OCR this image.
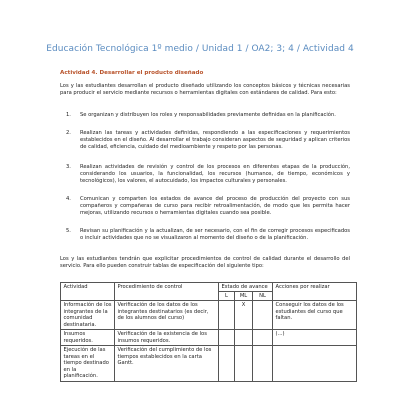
Educación Tecnológica 1º medio / Unidad 1 / OA2; 3; 4 / Actividad 4
Actividad 4. Desarrollar el producto diseñado
Los y las estudiantes desarrollan el producto diseñado utilizando los conceptos básicos y técnicas necesarias para producir el servicio mediante recursos o herramientas digitales con estándares de calidad. Para esto:
1. Se organizan y distribuyen los roles y responsabilidades previamente definidas en la planificación.
2. Realizan las tareas y actividades definidas, respondiendo a las especificaciones y requerimientos establecidos en el diseño. Al desarrollar el trabajo consideran aspectos de seguridad y aplican criterios de calidad, eficiencia, cuidado del medioambiente y respeto por las personas.
3. Realizan actividades de revisión y control de los procesos en diferentes etapas de la producción, considerando los usuarios, la funcionalidad, los recursos (humanos, de tiempo, económicos y tecnológicos), los valores, el autocuidado, los impactos culturales y personales.
4. Comunican y comparten los estados de avance del proceso de producción del proyecto con sus compañeros y compañeras de curso para recibir retroalimentación, de modo que les permita hacer mejoras, utilizando recursos o herramientas digitales cuando sea posible.
5. Revisan su planificación y la actualizan, de ser necesario, con el fin de corregir procesos especificados o incluir actividades que no se visualizaron al momento del diseño o de la planificación.
Los y las estudiantes tendrán que explicitar procedimientos de control de calidad durante el desarrollo del servicio. Para ello pueden construir tablas de especificación del siguiente tipo:
Actividad	Procedimiento de control	Estado de avance			Acciones por realizar
		L	ML	NL	
Información de los integrantes de la comunidad destinataria.	Verificación de los datos de los integrantes destinatarios (es decir, de los alumnos del curso)		X		Conseguir los datos de los estudiantes del curso que faltan.
Insumos requeridos.	Verificación de la existencia de los insumos requeridos.				(...)
Ejecución de las tareas en el tiempo destinado en la planificación.	Verificación del cumplimiento de los tiempos establecidos en la carta Gantt.				
